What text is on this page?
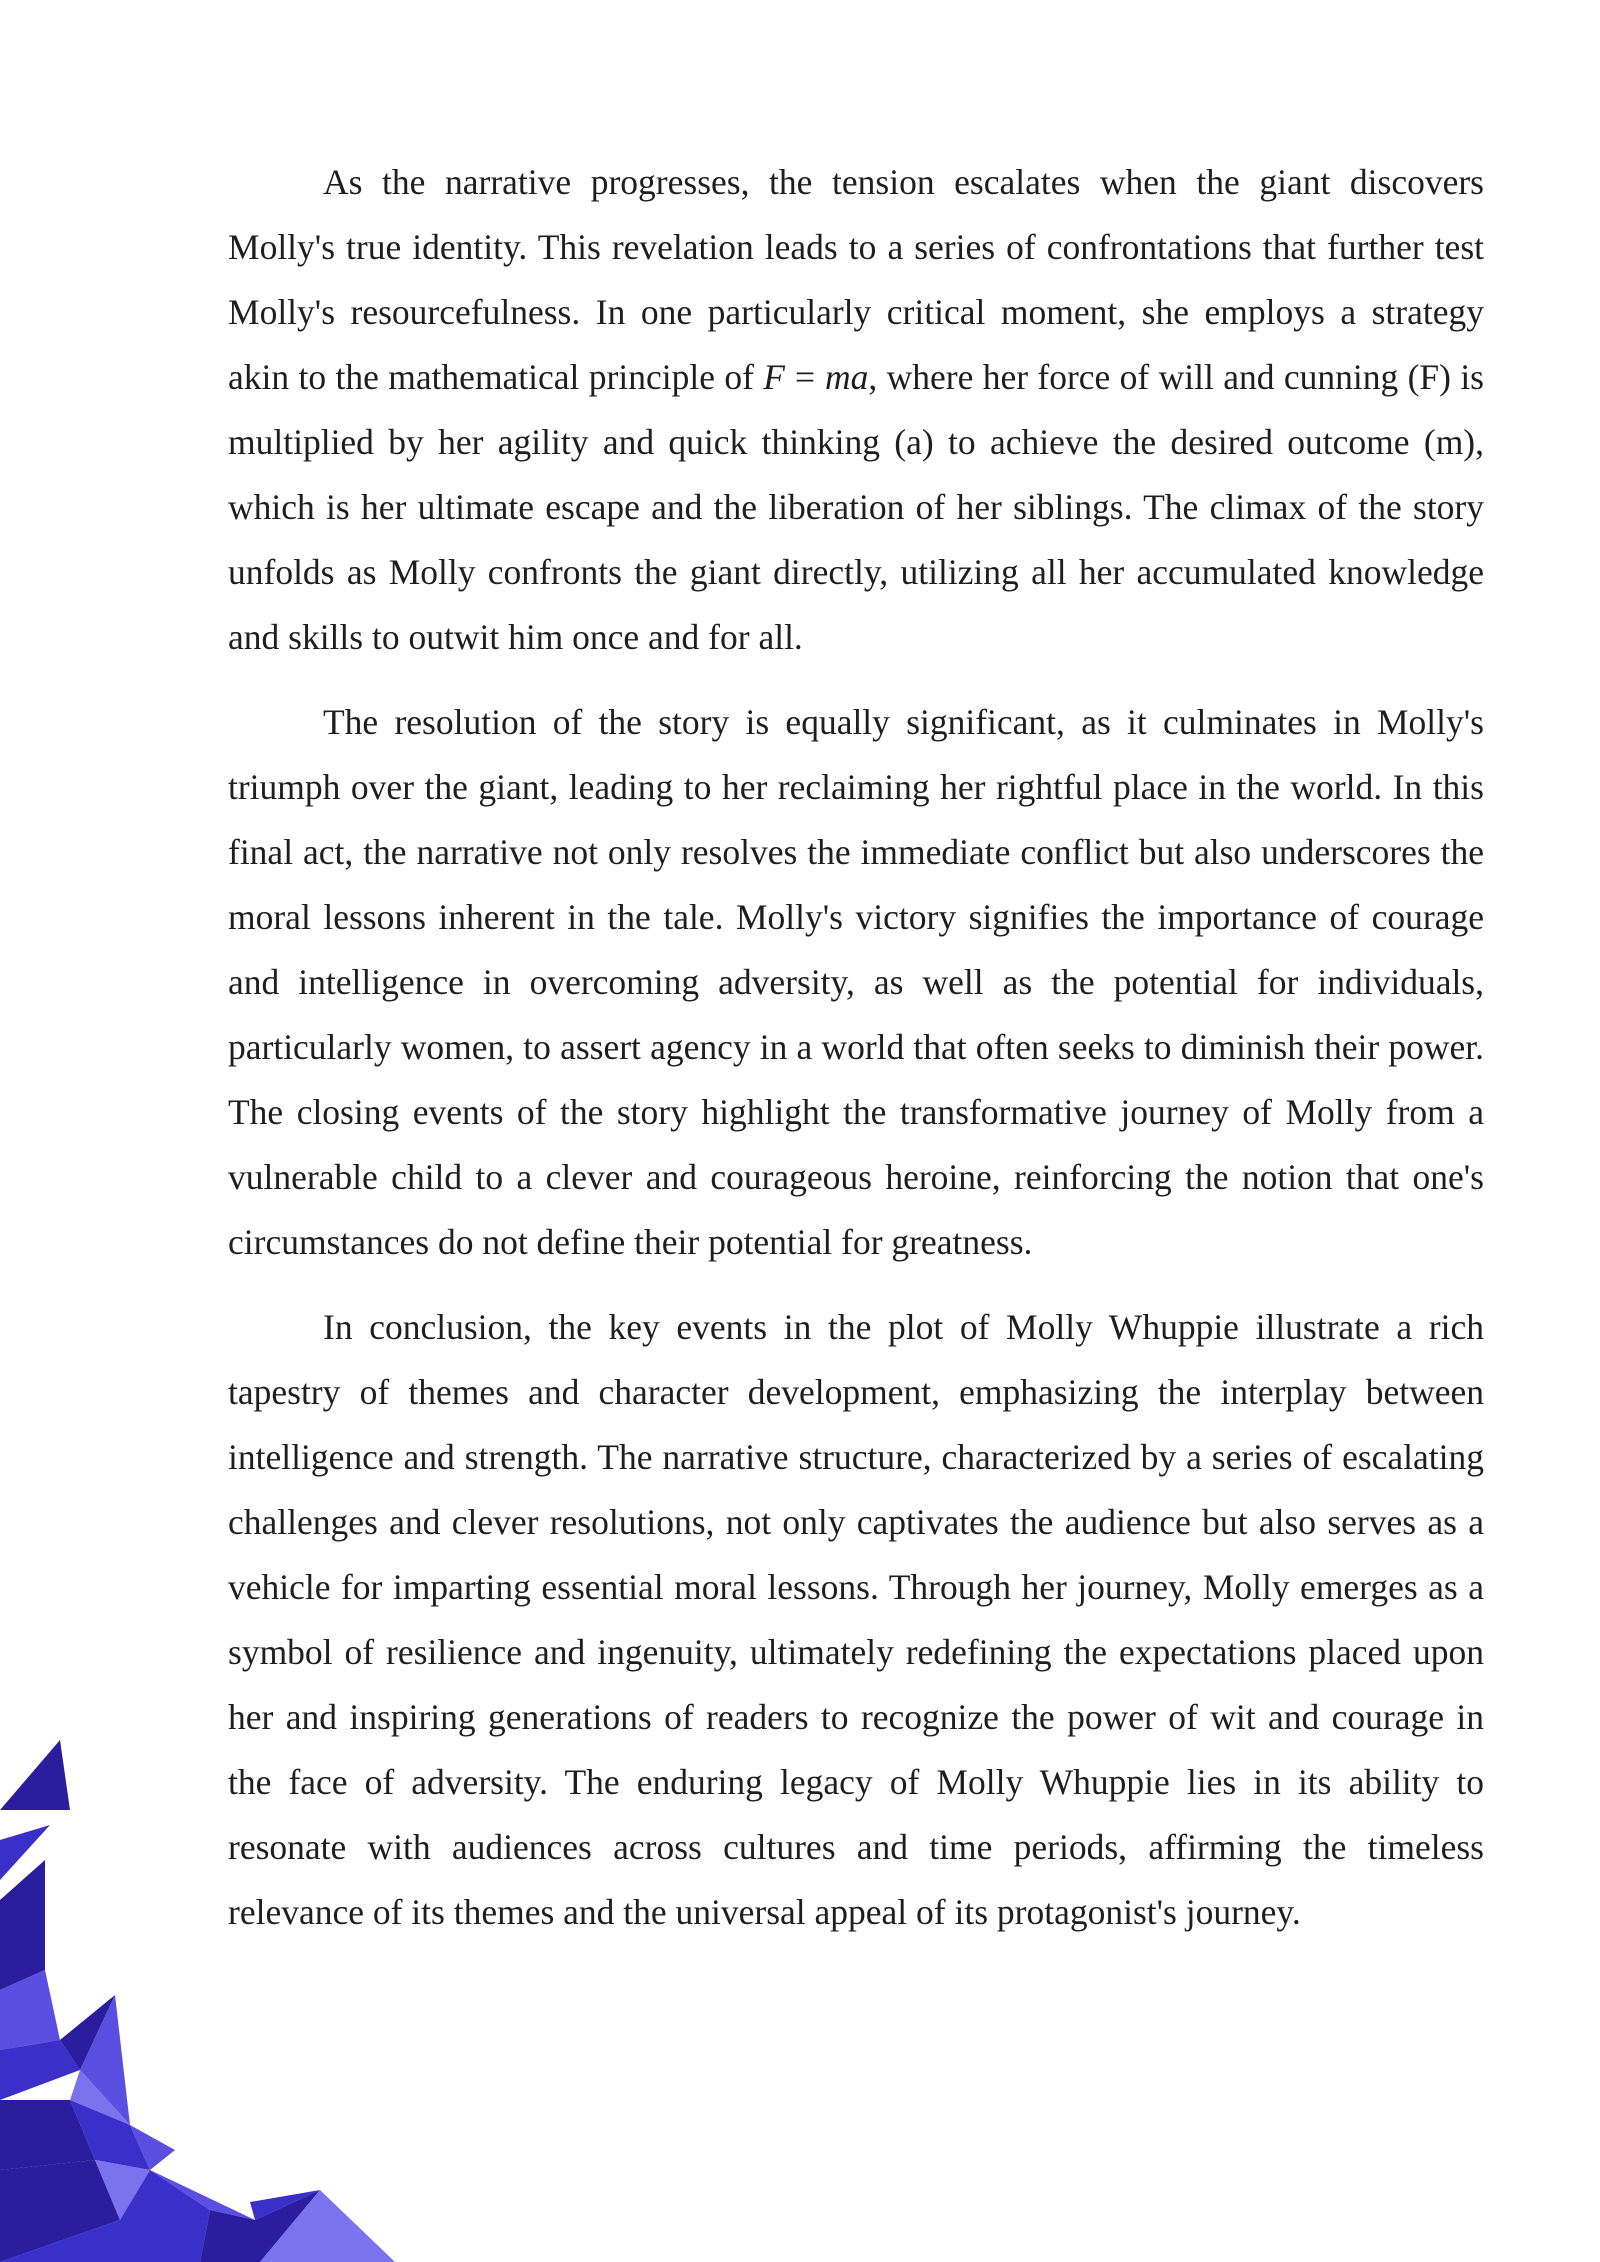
As the narrative progresses, the tension escalates when the giant discovers Molly's true identity. This revelation leads to a series of confrontations that further test Molly's resourcefulness. In one particularly critical moment, she employs a strategy akin to the mathematical principle of F = ma, where her force of will and cunning (F) is multiplied by her agility and quick thinking (a) to achieve the desired outcome (m), which is her ultimate escape and the liberation of her siblings. The climax of the story unfolds as Molly confronts the giant directly, utilizing all her accumulated knowledge and skills to outwit him once and for all.

The resolution of the story is equally significant, as it culminates in Molly's triumph over the giant, leading to her reclaiming her rightful place in the world. In this final act, the narrative not only resolves the immediate conflict but also underscores the moral lessons inherent in the tale. Molly's victory signifies the importance of courage and intelligence in overcoming adversity, as well as the potential for individuals, particularly women, to assert agency in a world that often seeks to diminish their power. The closing events of the story highlight the transformative journey of Molly from a vulnerable child to a clever and courageous heroine, reinforcing the notion that one's circumstances do not define their potential for greatness.

In conclusion, the key events in the plot of Molly Whuppie illustrate a rich tapestry of themes and character development, emphasizing the interplay between intelligence and strength. The narrative structure, characterized by a series of escalating challenges and clever resolutions, not only captivates the audience but also serves as a vehicle for imparting essential moral lessons. Through her journey, Molly emerges as a symbol of resilience and ingenuity, ultimately redefining the expectations placed upon her and inspiring generations of readers to recognize the power of wit and courage in the face of adversity. The enduring legacy of Molly Whuppie lies in its ability to resonate with audiences across cultures and time periods, affirming the timeless relevance of its themes and the universal appeal of its protagonist's journey.
